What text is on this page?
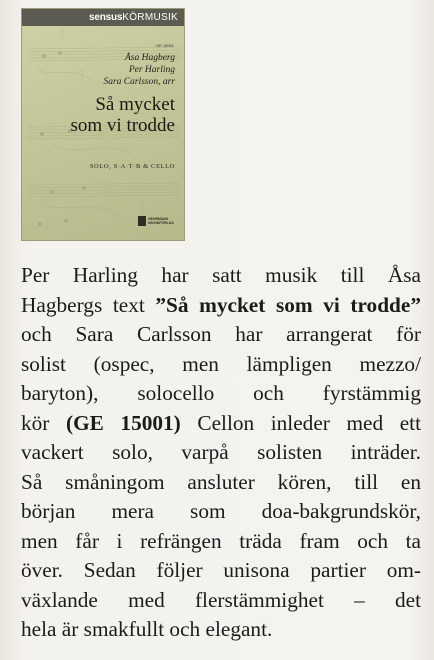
sensusKÖRMUSIK
GE 15001
Åsa Hagberg
Per Harling
Sara Carlsson, arr
Så mycket
som vi trodde
SOLO, S·A·T·B & CELLO
GEHRMANS
MUSIKFÖRLAG
Per Harling har satt musik till Åsa
Hagbergs text ”Så mycket som vi trodde”
och Sara Carlsson har arrangerat för
solist (ospec, men lämpligen mezzo/
baryton), solocello och fyrstämmig
kör (GE 15001) Cellon inleder med ett
vackert solo, varpå solisten inträder.
Så småningom ansluter kören, till en
början mera som doa-bakgrundskör,
men får i refrängen träda fram och ta
över. Sedan följer unisona partier om-
växlande med flerstämmighet – det
hela är smakfullt och elegant.
